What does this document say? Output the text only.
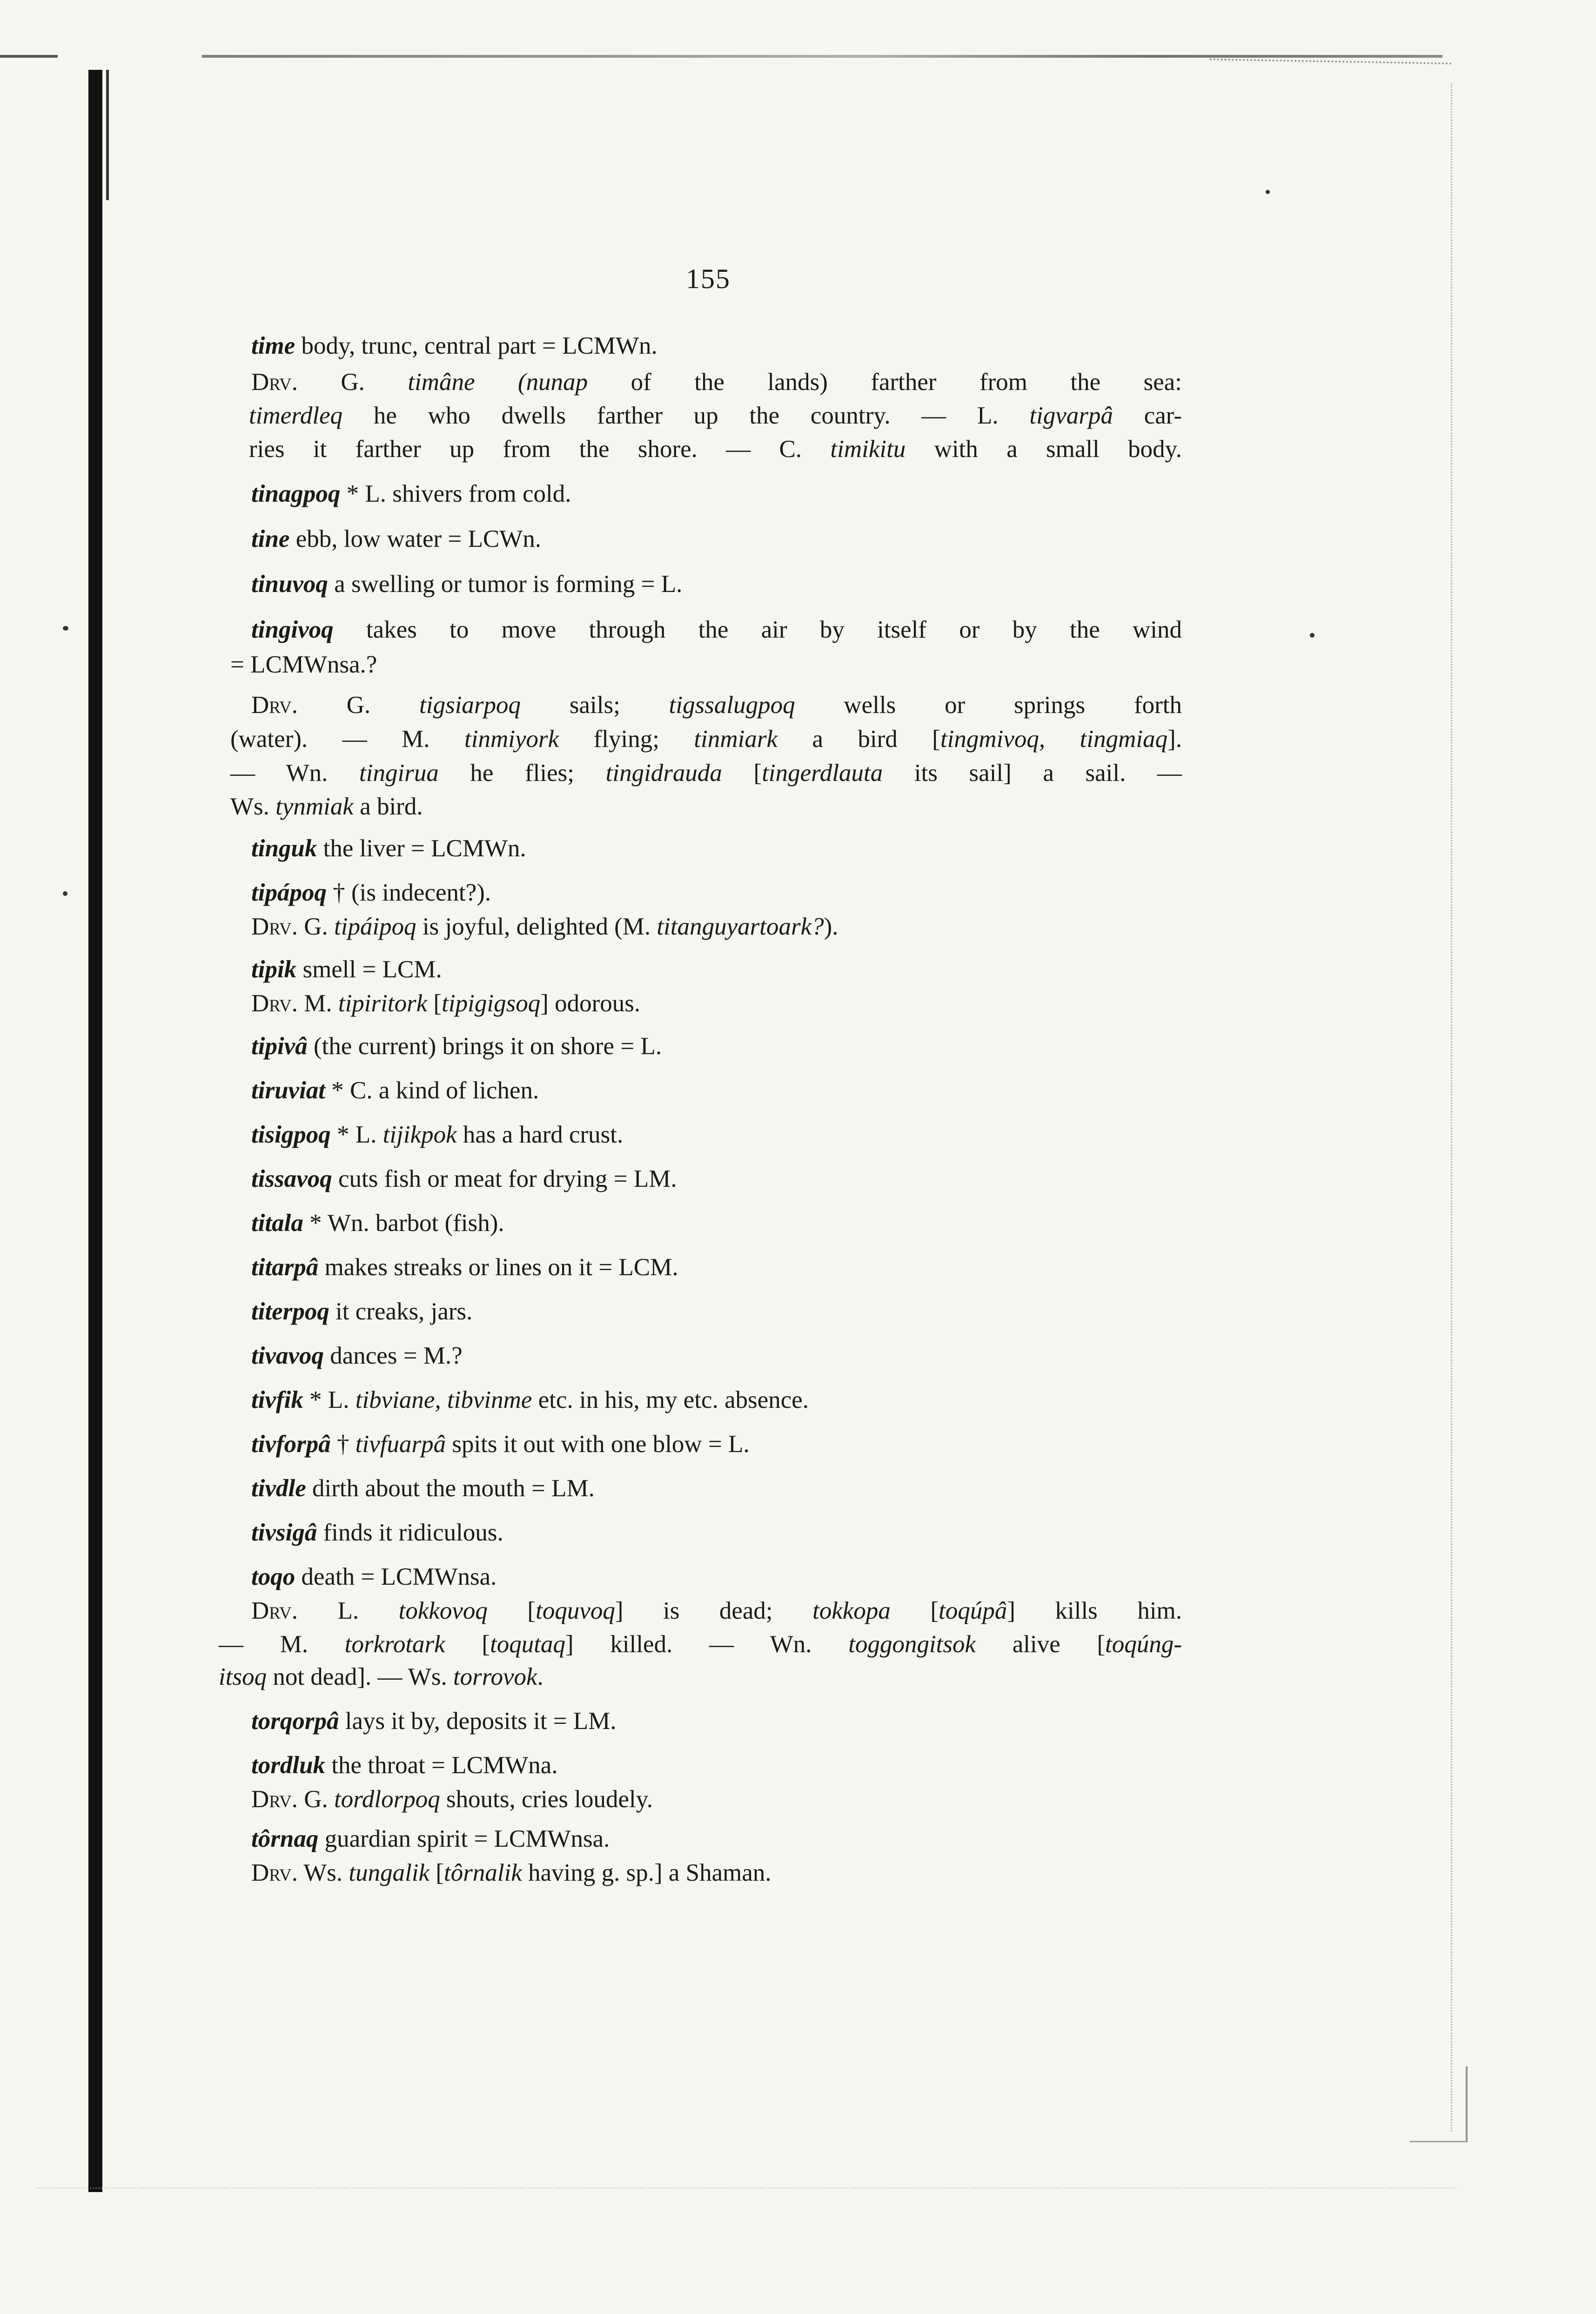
155
time body, trunc, central part = LCMWn.
Drv. G. timâne (nunap of the lands) farther from the sea:
timerdleq he who dwells farther up the country. — L. tigvarpâ car-
ries it farther up from the shore. — C. timikitu with a small body.
tinagpoq * L. shivers from cold.
tine ebb, low water = LCWn.
tinuvoq a swelling or tumor is forming = L.
tingivoq takes to move through the air by itself or by the wind
= LCMWnsa.?
Drv. G. tigsiarpoq sails; tigssalugpoq wells or springs forth
(water). — M. tinmiyork flying; tinmiark a bird [tingmivoq, tingmiaq].
— Wn. tingirua he flies; tingidrauda [tingerdlauta its sail] a sail. —
Ws. tynmiak a bird.
tinguk the liver = LCMWn.
tipápoq † (is indecent?).
Drv. G. tipáipoq is joyful, delighted (M. titanguyartoark?).
tipik smell = LCM.
Drv. M. tipiritork [tipigigsoq] odorous.
tipivâ (the current) brings it on shore = L.
tiruviat * C. a kind of lichen.
tisigpoq * L. tijikpok has a hard crust.
tissavoq cuts fish or meat for drying = LM.
titala * Wn. barbot (fish).
titarpâ makes streaks or lines on it = LCM.
titerpoq it creaks, jars.
tivavoq dances = M.?
tivfik * L. tibviane, tibvinme etc. in his, my etc. absence.
tivforpâ † tivfuarpâ spits it out with one blow = L.
tivdle dirth about the mouth = LM.
tivsigâ finds it ridiculous.
toqo death = LCMWnsa.
Drv. L. tokkovoq [toquvoq] is dead; tokkopa [toqúpâ] kills him.
— M. torkrotark [toqutaq] killed. — Wn. toggongitsok alive [toqúng-
itsoq not dead]. — Ws. torrovok.
torqorpâ lays it by, deposits it = LM.
tordluk the throat = LCMWna.
Drv. G. tordlorpoq shouts, cries loudely.
tôrnaq guardian spirit = LCMWnsa.
Drv. Ws. tungalik [tôrnalik having g. sp.] a Shaman.
